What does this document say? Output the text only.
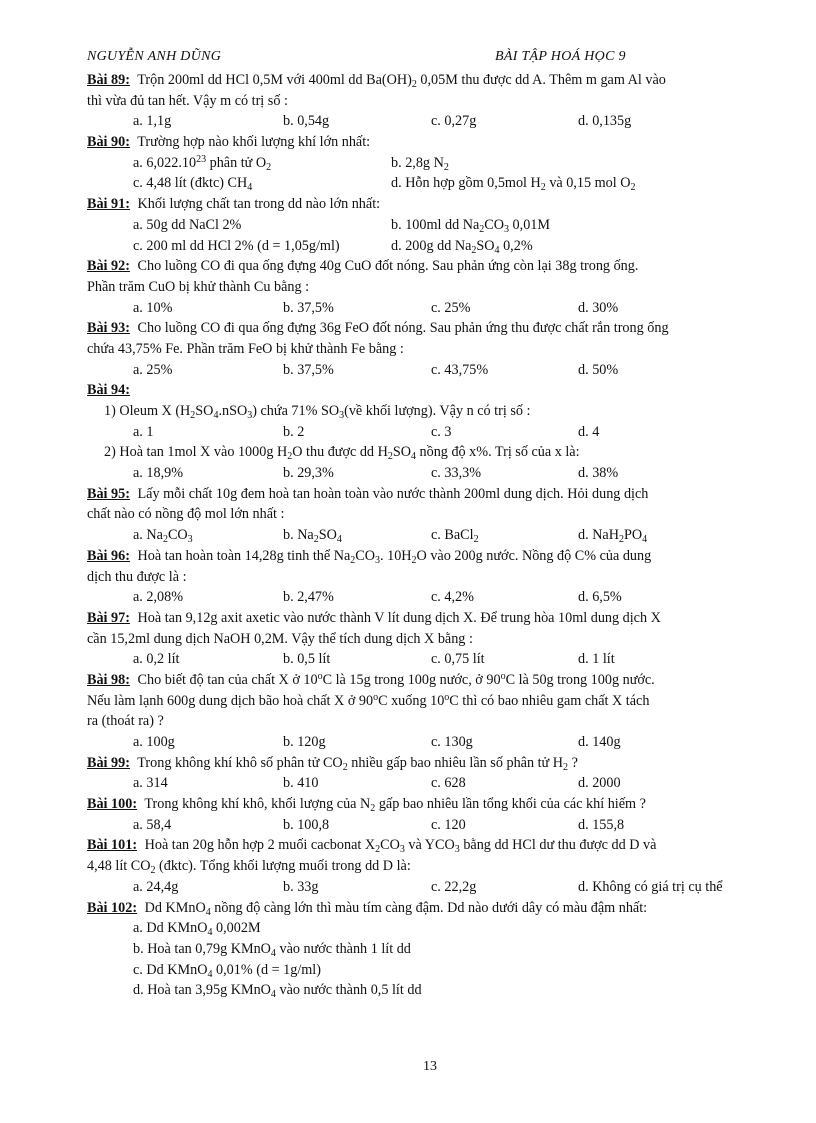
NGUYỄN ANH DŨNG	BÀI TẬP HOÁ HỌC 9
Bài 89: Trộn 200ml dd HCl 0,5M với 400ml dd $Ba(OH)_2$ 0,05M thu được dd A. Thêm m gam Al vào
thì vừa đủ tan hết. Vậy m có trị số :
a. 1,1g	b. 0,54g	c. 0,27g	d. 0,135g
Bài 90: Trường hợp nào khối lượng khí lớn nhất:
a. 6,022.10$^{23}$ phân tử $O_2$	b. 2,8g $N_2$
c. 4,48 lít (đktc) $CH_4$	d. Hỗn hợp gồm 0,5mol $H_2$ và 0,15 mol $O_2$
Bài 91: Khối lượng chất tan trong dd nào lớn nhất:
a. 50g dd NaCl 2%	b. 100ml dd $Na_2CO_3$ 0,01M
c. 200 ml dd HCl 2% (d = 1,05g/ml)	d. 200g dd $Na_2SO_4$ 0,2%
Bài 92: Cho luồng CO đi qua ống đựng 40g CuO đốt nóng. Sau phản ứng còn lại 38g trong ống.
Phần trăm CuO bị khử thành Cu bằng :
a. 10%	b. 37,5%	c. 25%	d. 30%
Bài 93: Cho luồng CO đi qua ống đựng 36g FeO đốt nóng. Sau phản ứng thu được chất rắn trong ống
chứa 43,75% Fe. Phần trăm FeO bị khử thành Fe bằng :
a. 25%	b. 37,5%	c. 43,75%	d. 50%
Bài 94:
1) Oleum X $(H_2SO_4.nSO_3)$ chứa 71% $SO_3(về$ khối lượng). Vậy n có trị số :
a. 1	b. 2	c. 3	d. 4
2) Hoà tan 1mol X vào 1000g $H_2O$ thu được dd $H_2SO_4$ nồng độ x%. Trị số của x là:
a. 18,9%	b. 29,3%	c. 33,3%	d. 38%
Bài 95: Lấy mỗi chất 10g đem hoà tan hoàn toàn vào nước thành 200ml dung dịch. Hỏi dung dịch
chất nào có nồng độ mol lớn nhất :
a. $Na_2CO_3$	b. $Na_2SO_4$	c. BaCl$_2$	d. $NaH_2PO_4$
Bài 96: Hoà tan hoàn toàn 14,28g tinh thể $Na_2CO_3$. $10H_2O$ vào 200g nước. Nồng độ C% của dung
dịch thu được là :
a. 2,08%	b. 2,47%	c. 4,2%	d. 6,5%
Bài 97: Hoà tan 9,12g axit axetic vào nước thành V lít dung dịch X. Để trung hòa 10ml dung dịch X
cần 15,2ml dung dịch NaOH 0,2M. Vậy thể tích dung dịch X bằng :
a. 0,2 lít	b. 0,5 lít	c. 0,75 lít	d. 1 lít
Bài 98: Cho biết độ tan của chất X ở 10$^o$C là 15g trong 100g nước, ở 90$^o$C là 50g trong 100g nước.
Nếu làm lạnh 600g dung dịch bão hoà chất X ở 90$^o$C xuống 10$^o$C thì có bao nhiêu gam chất X tách
ra (thoát ra) ?
a. 100g	b. 120g	c. 130g	d. 140g
Bài 99: Trong không khí khô số phân tử $CO_2$ nhiều gấp bao nhiêu lần số phân tử $H_2$ ?
a. 314	b. 410	c. 628	d. 2000
Bài 100: Trong không khí khô, khối lượng của $N_2$ gấp bao nhiêu lần tổng khối của các khí hiếm ?
a. 58,4	b. 100,8	c. 120	d. 155,8
Bài 101: Hoà tan 20g hỗn hợp 2 muối cacbonat $X_2CO_3$ và $YCO_3$ bằng dd HCl dư thu được dd D và
4,48 lít $CO_2$ (đktc). Tổng khối lượng muối trong dd D là:
a. 24,4g	b. 33g	c. 22,2g	d. Không có giá trị cụ thể
Bài 102: Dd KMnO$_4$ nồng độ càng lớn thì màu tím càng đậm. Dd nào dưới dây có màu đậm nhất:
a. Dd KMnO$_4$ 0,002M
b. Hoà tan 0,79g KMnO$_4$ vào nước thành 1 lít dd
c. Dd KMnO$_4$ 0,01% (d = 1g/ml)
d. Hoà tan 3,95g KMnO$_4$ vào nước thành 0,5 lít dd
13
